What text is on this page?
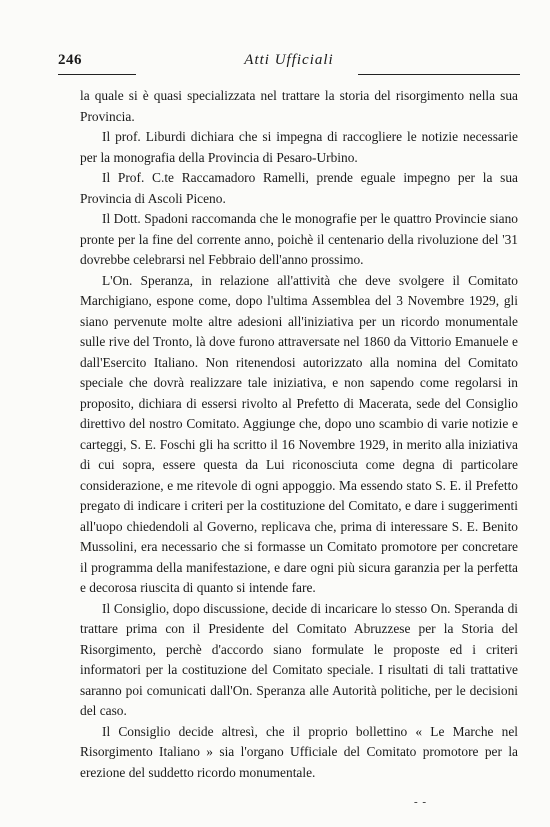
246	Atti Ufficiali

la quale si è quasi specializzata nel trattare la storia del risorgimento nella sua Provincia.

Il prof. Liburdi dichiara che si impegna di raccogliere le notizie necessarie per la monografia della Provincia di Pesaro-Urbino.

Il Prof. C.te Raccamadoro Ramelli, prende eguale impegno per la sua Provincia di Ascoli Piceno.

Il Dott. Spadoni raccomanda che le monografie per le quattro Provincie siano pronte per la fine del corrente anno, poichè il centenario della rivoluzione del '31 dovrebbe celebrarsi nel Febbraio dell'anno prossimo.

L'On. Speranza, in relazione all'attività che deve svolgere il Comitato Marchigiano, espone come, dopo l'ultima Assemblea del 3 Novembre 1929, gli siano pervenute molte altre adesioni all'iniziativa per un ricordo monumentale sulle rive del Tronto, là dove furono attraversate nel 1860 da Vittorio Emanuele e dall'Esercito Italiano. Non ritenendosi autorizzato alla nomina del Comitato speciale che dovrà realizzare tale iniziativa, e non sapendo come regolarsi in proposito, dichiara di essersi rivolto al Prefetto di Macerata, sede del Consiglio direttivo del nostro Comitato. Aggiunge che, dopo uno scambio di varie notizie e carteggi, S. E. Foschi gli ha scritto il 16 Novembre 1929, in merito alla iniziativa di cui sopra, essere questa da Lui riconosciuta come degna di particolare considerazione, e me ritevole di ogni appoggio. Ma essendo stato S. E. il Prefetto pregato di indicare i criteri per la costituzione del Comitato, e dare i suggerimenti all'uopo chiedendoli al Governo, replicava che, prima di interessare S. E. Benito Mussolini, era necessario che si formasse un Comitato promotore per concretare il programma della manifestazione, e dare ogni più sicura garanzia per la perfetta e decorosa riuscita di quanto si intende fare.

Il Consiglio, dopo discussione, decide di incaricare lo stesso On. Speranda di trattare prima con il Presidente del Comitato Abruzzese per la Storia del Risorgimento, perchè d'accordo siano formulate le proposte ed i criteri informatori per la costituzione del Comitato speciale. I risultati di tali trattative saranno poi comunicati dall'On. Speranza alle Autorità politiche, per le decisioni del caso.

Il Consiglio decide altresì, che il proprio bollettino « Le Marche nel Risorgimento Italiano » sia l'organo Ufficiale del Comitato promotore per la erezione del suddetto ricordo monumentale.

- -
